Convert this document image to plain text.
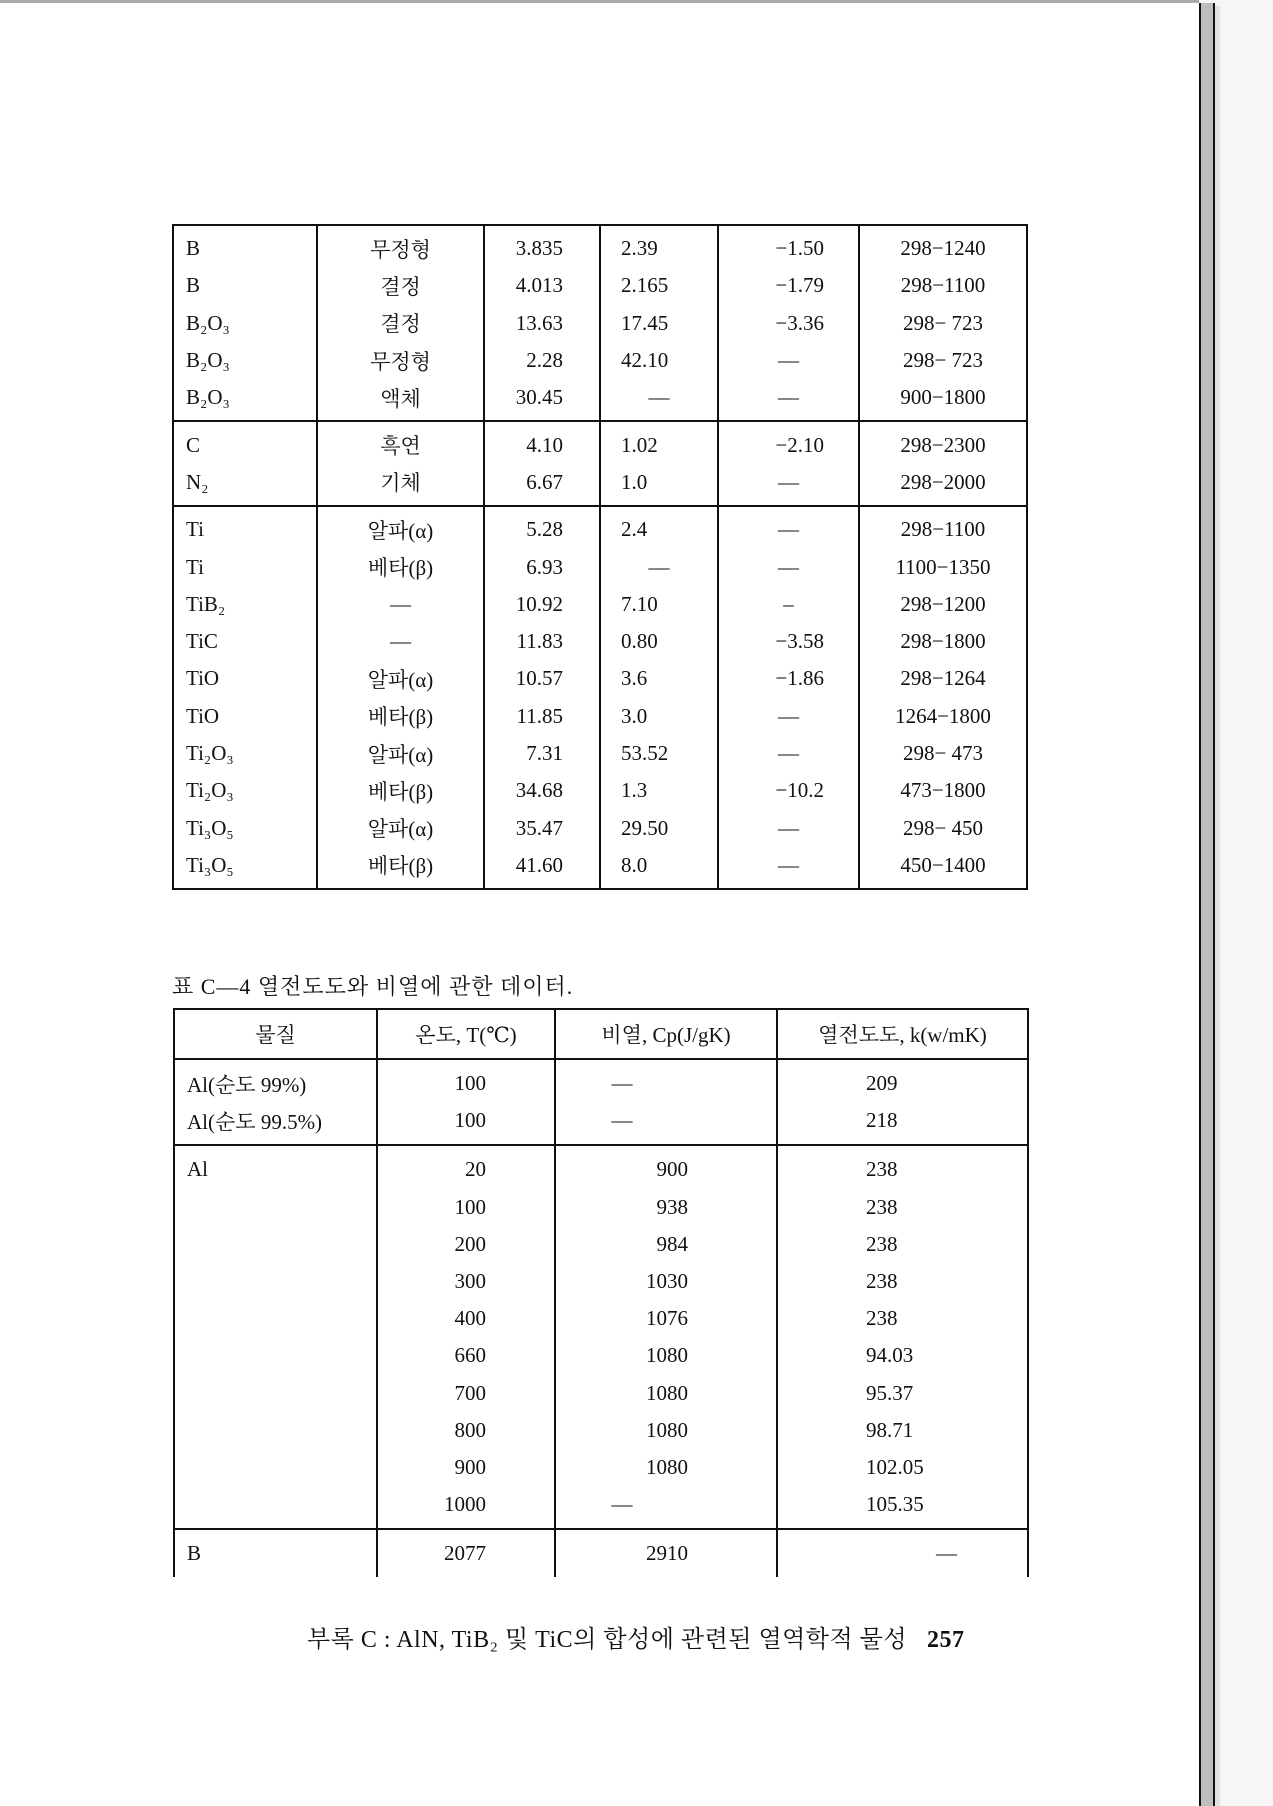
B	무정형	3.835	2.39	−1.50	298−1240
B	결정	4.013	2.165	−1.79	298−1100
B₂O₃	결정	13.63	17.45	−3.36	298− 723
B₂O₃	무정형	2.28	42.10	—	298− 723
B₂O₃	액체	30.45	—	—	900−1800
C	흑연	4.10	1.02	−2.10	298−2300
N₂	기체	6.67	1.0	—	298−2000
Ti	알파(α)	5.28	2.4	—	298−1100
Ti	베타(β)	6.93	—	—	1100−1350
TiB₂	—	10.92	7.10	–	298−1200
TiC	—	11.83	0.80	−3.58	298−1800
TiO	알파(α)	10.57	3.6	−1.86	298−1264
TiO	베타(β)	11.85	3.0	—	1264−1800
Ti₂O₃	알파(α)	7.31	53.52	—	298− 473
Ti₂O₃	베타(β)	34.68	1.3	−10.2	473−1800
Ti₃O₅	알파(α)	35.47	29.50	—	298− 450
Ti₃O₅	베타(β)	41.60	8.0	—	450−1400
표 C—4 열전도도와 비열에 관한 데이터.
물질	온도, T(℃)	비열, Cp(J/gK)	열전도도, k(w/mK)
Al(순도 99%)	100	—	209
Al(순도 99.5%)	100	—	218
Al	20	900	238
	100	938	238
	200	984	238
	300	1030	238
	400	1076	238
	660	1080	94.03
	700	1080	95.37
	800	1080	98.71
	900	1080	102.05
	1000	—	105.35
B	2077	2910	—
부록 C : AlN, TiB₂ 및 TiC의 합성에 관련된 열역학적 물성 257
